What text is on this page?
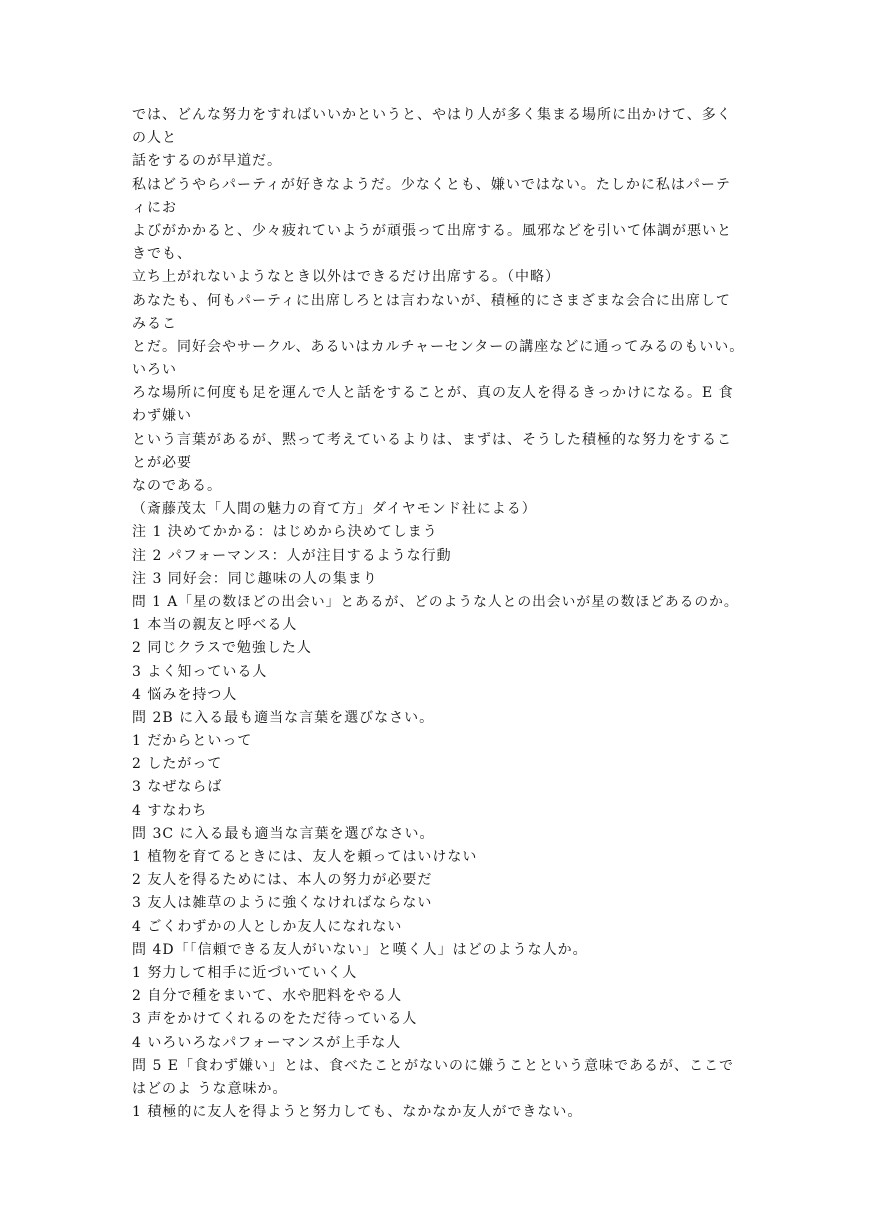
では、どんな努力をすればいいかというと、やはり人が多く集まる場所に出かけて、多く
の人と
話をするのが早道だ。
私はどうやらパーティが好きなようだ。少なくとも、嫌いではない。たしかに私はパーテ
ィにお
よびがかかると、少々疲れていようが頑張って出席する。風邪などを引いて体調が悪いと
きでも、
立ち上がれないようなとき以外はできるだけ出席する。（中略）
あなたも、何もパーティに出席しろとは言わないが、積極的にさまざまな会合に出席して
みるこ
とだ。同好会やサークル、あるいはカルチャーセンターの講座などに通ってみるのもいい。
いろい
ろな場所に何度も足を運んで人と話をすることが、真の友人を得るきっかけになる。E 食
わず嫌い
という言葉があるが、黙って考えているよりは、まずは、そうした積極的な努力をするこ
とが必要
なのである。
（斎藤茂太「人間の魅力の育て方」ダイヤモンド社による）
注 1 決めてかかる：はじめから決めてしまう
注 2 パフォーマンス：人が注目するような行動
注 3 同好会：同じ趣味の人の集まり
問 1 A「星の数ほどの出会い」とあるが、どのような人との出会いが星の数ほどあるのか。
1 本当の親友と呼べる人
2 同じクラスで勉強した人
3 よく知っている人
4 悩みを持つ人
問 2B に入る最も適当な言葉を選びなさい。
1 だからといって
2 したがって
3 なぜならば
4 すなわち
問 3C に入る最も適当な言葉を選びなさい。
1 植物を育てるときには、友人を頼ってはいけない
2 友人を得るためには、本人の努力が必要だ
3 友人は雑草のように強くなければならない
4 ごくわずかの人としか友人になれない
問 4D「「信頼できる友人がいない」と嘆く人」はどのような人か。
1 努力して相手に近づいていく人
2 自分で種をまいて、水や肥料をやる人
3 声をかけてくれるのをただ待っている人
4 いろいろなパフォーマンスが上手な人
問 5 E「食わず嫌い」とは、食べたことがないのに嫌うことという意味であるが、ここで
はどのよ うな意味か。
1 積極的に友人を得ようと努力しても、なかなか友人ができない。
